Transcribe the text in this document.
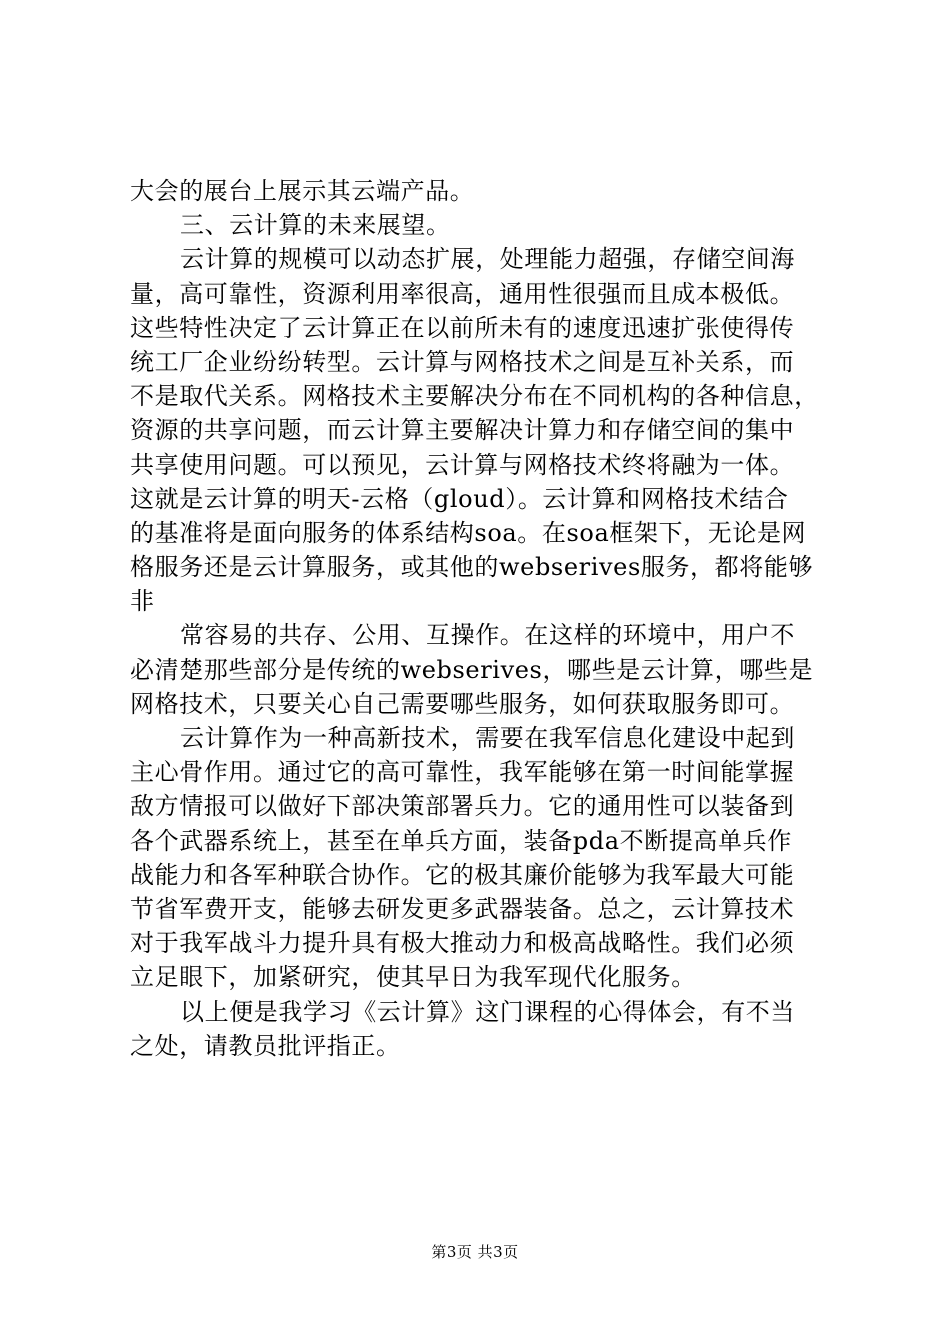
大会的展台上展示其云端产品。
三、云计算的未来展望。
云计算的规模可以动态扩展，处理能力超强，存储空间海
量，高可靠性，资源利用率很高，通用性很强而且成本极低。
这些特性决定了云计算正在以前所未有的速度迅速扩张使得传
统工厂企业纷纷转型。云计算与网格技术之间是互补关系，而
不是取代关系。网格技术主要解决分布在不同机构的各种信息，
资源的共享问题，而云计算主要解决计算力和存储空间的集中
共享使用问题。可以预见，云计算与网格技术终将融为一体。
这就是云计算的明天-云格（gloud）。云计算和网格技术结合
的基准将是面向服务的体系结构soa。在soa框架下，无论是网
格服务还是云计算服务，或其他的webserives服务，都将能够
非
常容易的共存、公用、互操作。在这样的环境中，用户不
必清楚那些部分是传统的webserives，哪些是云计算，哪些是
网格技术，只要关心自己需要哪些服务，如何获取服务即可。
云计算作为一种高新技术，需要在我军信息化建设中起到
主心骨作用。通过它的高可靠性，我军能够在第一时间能掌握
敌方情报可以做好下部决策部署兵力。它的通用性可以装备到
各个武器系统上，甚至在单兵方面，装备pda不断提高单兵作
战能力和各军种联合协作。它的极其廉价能够为我军最大可能
节省军费开支，能够去研发更多武器装备。总之，云计算技术
对于我军战斗力提升具有极大推动力和极高战略性。我们必须
立足眼下，加紧研究，使其早日为我军现代化服务。
以上便是我学习《云计算》这门课程的心得体会，有不当
之处，请教员批评指正。
第3页 共3页
